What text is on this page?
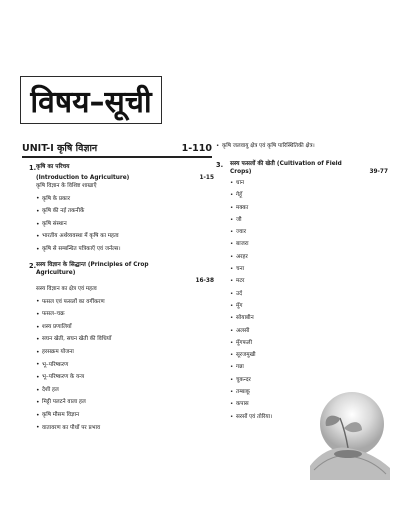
विषय–सूची
UNIT-I कृषि विज्ञान	1-110
1. कृषि का परिचय
(Introduction to Agriculture)	1-15
कृषि विज्ञान के विशिष्ट शाखाएँ
• कृषि के प्रकार
• कृषि की नई तकनीकें
• कृषि संस्थान
• भारतीय अर्थव्यवस्था में कृषि का महत्व
• कृषि से सम्बन्धित पत्रिकाएँ एवं जर्नल्स।
2. सस्य विज्ञान के सिद्धान्त (Principles of Crop Agriculture)
16-38
सस्य विज्ञान का क्षेत्र एवं महत्व
• फसल एवं फसलों का वर्गीकरण
• फसल–चक्र
• शस्य प्रणालियाँ
• सघन खेती, सघन खेती की विधियाँ
• हरसक्रम योजना
• भू–परिष्करण
• भू–परिष्करण के यन्त्र
• देशी हल
• मिट्टी पलटने वाला हल
• कृषि मौसम विज्ञान
• वातावरण का पौधों पर प्रभाव
• कृषि जलवायु क्षेत्र एवं कृषि पारिस्थितिकी क्षेत्र।
3.	सस्य फसलों की खेती (Cultivation of Field Crops)	39-77
• धान
• गेहूँ
• मक्का
• जौ
• ज्वार
• बाजरा
• अरहर
• चना
• मटर
• उर्द
• मूँग
• सोयाबीन
• अलसी
• मूँगफली
• सूरजमुखी
• गन्ना
• चुकन्दर
• तम्बाकू
• कपास
• सरसों एवं तोरिया।
